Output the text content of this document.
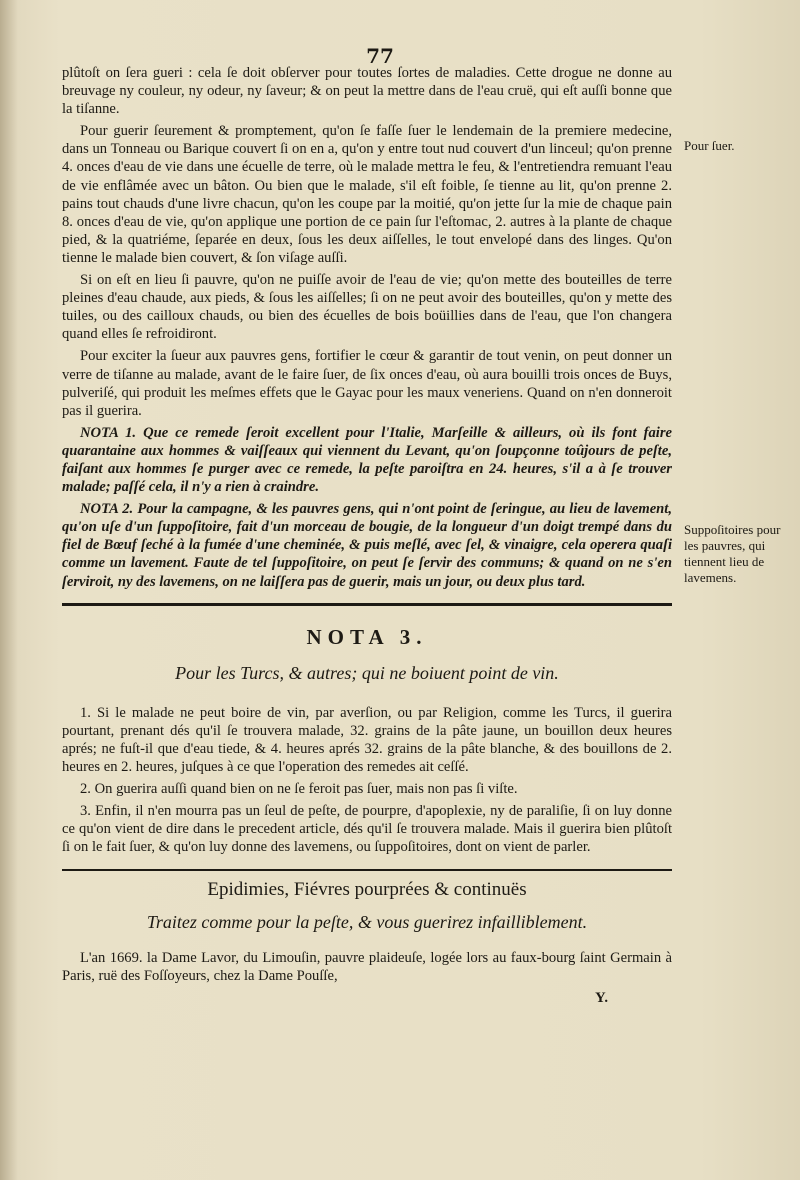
77

plûtoſt on ſera gueri : cela ſe doit obſerver pour toutes ſortes de maladies. Cette drogue ne donne au breuvage ny couleur, ny odeur, ny ſaveur; & on peut la mettre dans de l'eau cruë, qui eſt auſſi bonne que la tiſanne.

Pour guerir ſeurement & promptement, qu'on ſe faſſe ſuer le lendemain de la premiere medecine, dans un Tonneau ou Barique couvert ſi on en a, qu'on y entre tout nud couvert d'un linceul; qu'on prenne 4. onces d'eau de vie dans une écuelle de terre, où le malade mettra le feu, & l'entretiendra remuant l'eau de vie enflâmée avec un bâton. Ou bien que le malade, s'il eſt foible, ſe tienne au lit, qu'on prenne 2. pains tout chauds d'une livre chacun, qu'on les coupe par la moitié, qu'on jette ſur la mie de chaque pain 8. onces d'eau de vie, qu'on applique une portion de ce pain ſur l'eſtomac, 2. autres à la plante de chaque pied, & la quatriéme, ſeparée en deux, ſous les deux aiſſelles, le tout envelopé dans des linges. Qu'on tienne le malade bien couvert, & ſon viſage auſſi.

Si on eſt en lieu ſi pauvre, qu'on ne puiſſe avoir de l'eau de vie; qu'on mette des bouteilles de terre pleines d'eau chaude, aux pieds, & ſous les aiſſelles; ſi on ne peut avoir des bouteilles, qu'on y mette des tuiles, ou des cailloux chauds, ou bien des écuelles de bois boüillies dans de l'eau, que l'on changera quand elles ſe refroidiront.

Pour exciter la ſueur aux pauvres gens, fortifier le cœur & garantir de tout venin, on peut donner un verre de tiſanne au malade, avant de le faire ſuer, de ſix onces d'eau, où aura bouilli trois onces de Buys, pulveriſé, qui produit les meſmes effets que le Gayac pour les maux veneriens. Quand on n'en donneroit pas il guerira.

NOTA 1. Que ce remede ſeroit excellent pour l'Italie, Marſeille & ailleurs, où ils font faire quarantaine aux hommes & vaiſſeaux qui viennent du Levant, qu'on ſoupçonne toûjours de peſte, faiſant aux hommes ſe purger avec ce remede, la peſte paroiſtra en 24. heures, s'il a à ſe trouver malade; paſſé cela, il n'y a rien à craindre.

NOTA 2. Pour la campagne, & les pauvres gens, qui n'ont point de ſeringue, au lieu de lavement, qu'on uſe d'un ſuppoſitoire, fait d'un morceau de bougie, de la longueur d'un doigt trempé dans du fiel de Bœuf ſeché à la fumée d'une cheminée, & puis meſlé, avec ſel, & vinaigre, cela operera quaſi comme un lavement. Faute de tel ſuppoſitoire, on peut ſe ſervir des communs; & quand on ne s'en ſerviroit, ny des lavemens, on ne laiſſera pas de guerir, mais un jour, ou deux plus tard.

NOTA 3.
Pour les Turcs, & autres; qui ne boiuent point de vin.

1. Si le malade ne peut boire de vin, par averſion, ou par Religion, comme les Turcs, il guerira pourtant, prenant dés qu'il ſe trouvera malade, 32. grains de la pâte jaune, un bouillon deux heures aprés; ne fuſt-il que d'eau tiede, & 4. heures aprés 32. grains de la pâte blanche, & des bouillons de 2. heures en 2. heures, juſques à ce que l'operation des remedes ait ceſſé.

2. On guerira auſſi quand bien on ne ſe feroit pas ſuer, mais non pas ſi viſte.

3. Enfin, il n'en mourra pas un ſeul de peſte, de pourpre, d'apoplexie, ny de paraliſie, ſi on luy donne ce qu'on vient de dire dans le precedent article, dés qu'il ſe trouvera malade. Mais il guerira bien plûtoſt ſi on le fait ſuer, & qu'on luy donne des lavemens, ou ſuppoſitoires, dont on vient de parler.

Epidimies, Fiévres pourprées & continuës
Traitez comme pour la peſte, & vous guerirez infailliblement.

L'an 1669. la Dame Lavor, du Limouſin, pauvre plaideuſe, logée lors au faux-bourg ſaint Germain à Paris, ruë des Foſſoyeurs, chez la Dame Pouſſe,

Y.
Pour ſuer.
Suppoſitoires pour les pauvres, qui tiennent lieu de lavemens.
